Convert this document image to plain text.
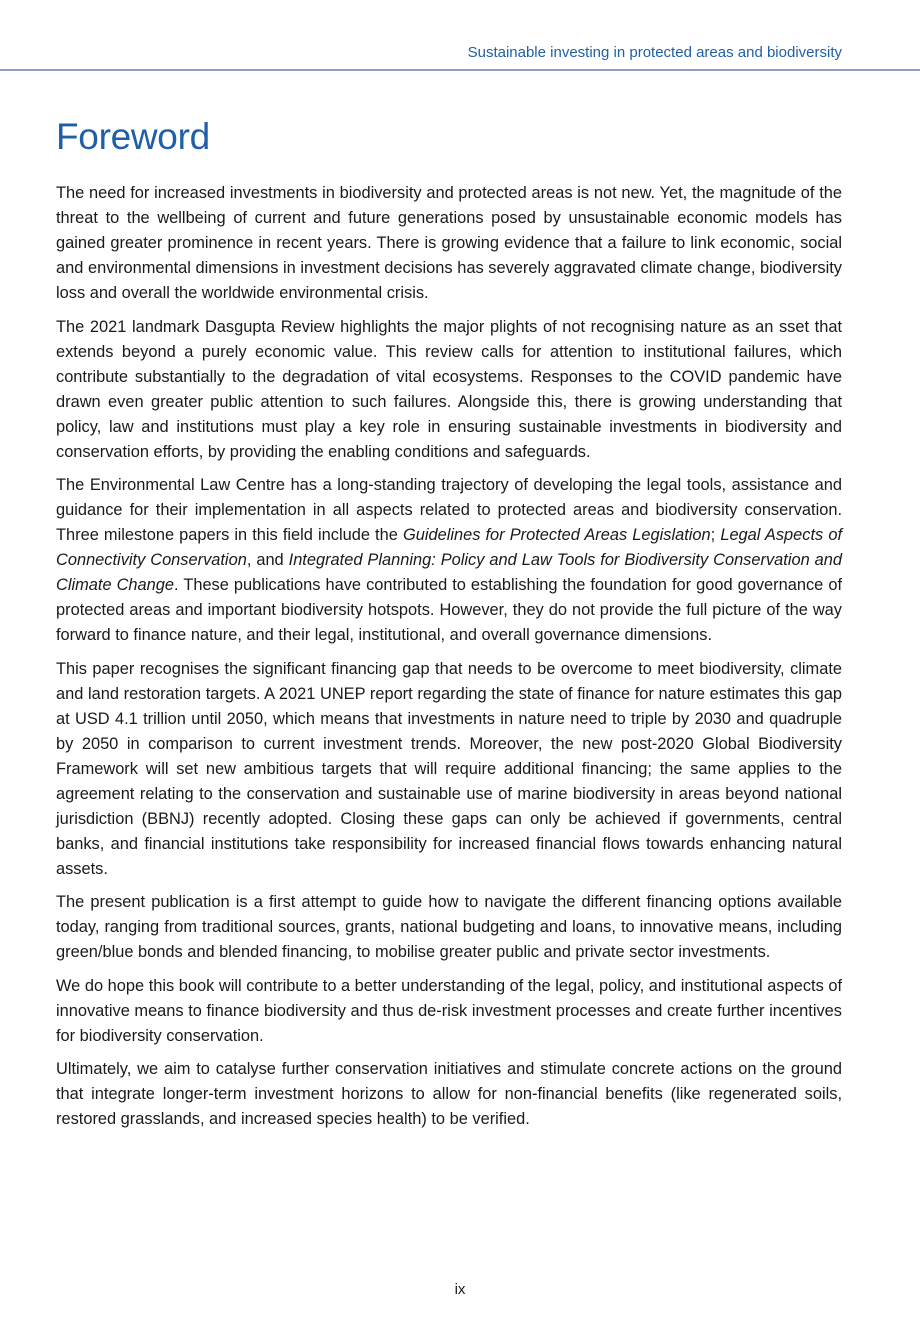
Sustainable investing in protected areas and biodiversity
Foreword

The need for increased investments in biodiversity and protected areas is not new. Yet, the magnitude of the threat to the wellbeing of current and future generations posed by unsustainable economic models has gained greater prominence in recent years. There is growing evidence that a failure to link economic, social and environmental dimensions in investment decisions has severely aggravated climate change, biodiversity loss and overall the worldwide environmental crisis.

The 2021 landmark Dasgupta Review highlights the major plights of not recognising nature as an sset that extends beyond a purely economic value. This review calls for attention to institutional failures, which contribute substantially to the degradation of vital ecosystems. Responses to the COVID pandemic have drawn even greater public attention to such failures. Alongside this, there is growing understanding that policy, law and institutions must play a key role in ensuring sustainable investments in biodiversity and conservation efforts, by providing the enabling conditions and safeguards.

The Environmental Law Centre has a long-standing trajectory of developing the legal tools, assistance and guidance for their implementation in all aspects related to protected areas and biodiversity conservation. Three milestone papers in this field include the Guidelines for Protected Areas Legislation; Legal Aspects of Connectivity Conservation, and Integrated Planning: Policy and Law Tools for Biodiversity Conservation and Climate Change. These publications have contributed to establishing the foundation for good governance of protected areas and important biodiversity hotspots. However, they do not provide the full picture of the way forward to finance nature, and their legal, institutional, and overall governance dimensions.

This paper recognises the significant financing gap that needs to be overcome to meet biodiversity, climate and land restoration targets. A 2021 UNEP report regarding the state of finance for nature estimates this gap at USD 4.1 trillion until 2050, which means that investments in nature need to triple by 2030 and quadruple by 2050 in comparison to current investment trends. Moreover, the new post-2020 Global Biodiversity Framework will set new ambitious targets that will require additional financing; the same applies to the agreement relating to the conservation and sustainable use of marine biodiversity in areas beyond national jurisdiction (BBNJ) recently adopted. Closing these gaps can only be achieved if governments, central banks, and financial institutions take responsibility for increased financial flows towards enhancing natural assets.

The present publication is a first attempt to guide how to navigate the different financing options available today, ranging from traditional sources, grants, national budgeting and loans, to innovative means, including green/blue bonds and blended financing, to mobilise greater public and private sector investments.

We do hope this book will contribute to a better understanding of the legal, policy, and institutional aspects of innovative means to finance biodiversity and thus de-risk investment processes and create further incentives for biodiversity conservation.

Ultimately, we aim to catalyse further conservation initiatives and stimulate concrete actions on the ground that integrate longer-term investment horizons to allow for non-financial benefits (like regenerated soils, restored grasslands, and increased species health) to be verified.

ix
